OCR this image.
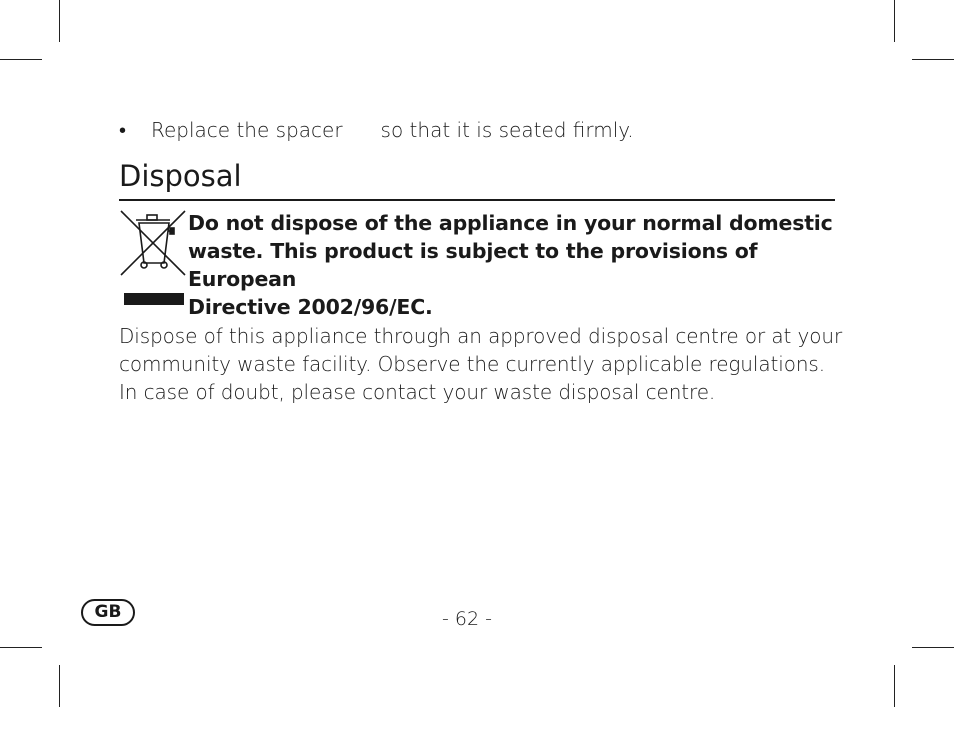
• Replace the spacer so that it is seated firmly.
Disposal
Do not dispose of the appliance in your normal domestic
waste. This product is subject to the provisions of European
Directive 2002/96/EC.
Dispose of this appliance through an approved disposal centre or at your
community waste facility. Observe the currently applicable regulations.
In case of doubt, please contact your waste disposal centre.
GB	- 62 -
